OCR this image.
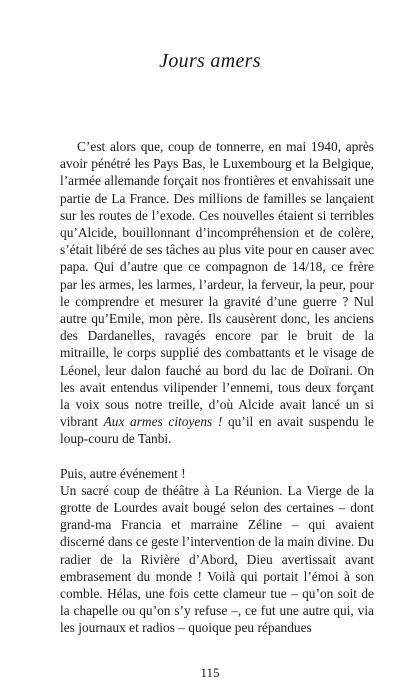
Jours amers

C’est alors que, coup de tonnerre, en mai 1940, après avoir pénétré les Pays Bas, le Luxembourg et la Belgique, l’armée allemande forçait nos frontières et envahissait une partie de La France. Des millions de familles se lançaient sur les routes de l’exode. Ces nouvelles étaient si terribles qu’Alcide, bouillonnant d’incompréhension et de colère, s’était libéré de ses tâches au plus vite pour en causer avec papa. Qui d’autre que ce compagnon de 14/18, ce frère par les armes, les larmes, l’ardeur, la ferveur, la peur, pour le comprendre et mesurer la gravité d’une guerre ? Nul autre qu’Emile, mon père. Ils causèrent donc, les anciens des Dardanelles, ravagés encore par le bruit de la mitraille, le corps supplié des combattants et le visage de Léonel, leur dalon fauché au bord du lac de Doïrani. On les avait entendus vilipender l’ennemi, tous deux forçant la voix sous notre treille, d’où Alcide avait lancé un si vibrant Aux armes citoyens ! qu’il en avait suspendu le loup-couru de Tanbi.

Puis, autre événement !

Un sacré coup de théâtre à La Réunion. La Vierge de la grotte de Lourdes avait bougé selon des certaines – dont grand-ma Francia et marraine Zéline – qui avaient discerné dans ce geste l’intervention de la main divine. Du radier de la Rivière d’Abord, Dieu avertissait avant embrasement du monde ! Voilà qui portait l’émoi à son comble. Hélas, une fois cette clameur tue – qu’on soit de la chapelle ou qu’on s’y refuse –, ce fut une autre qui, via les journaux et radios – quoique peu répandues

115
